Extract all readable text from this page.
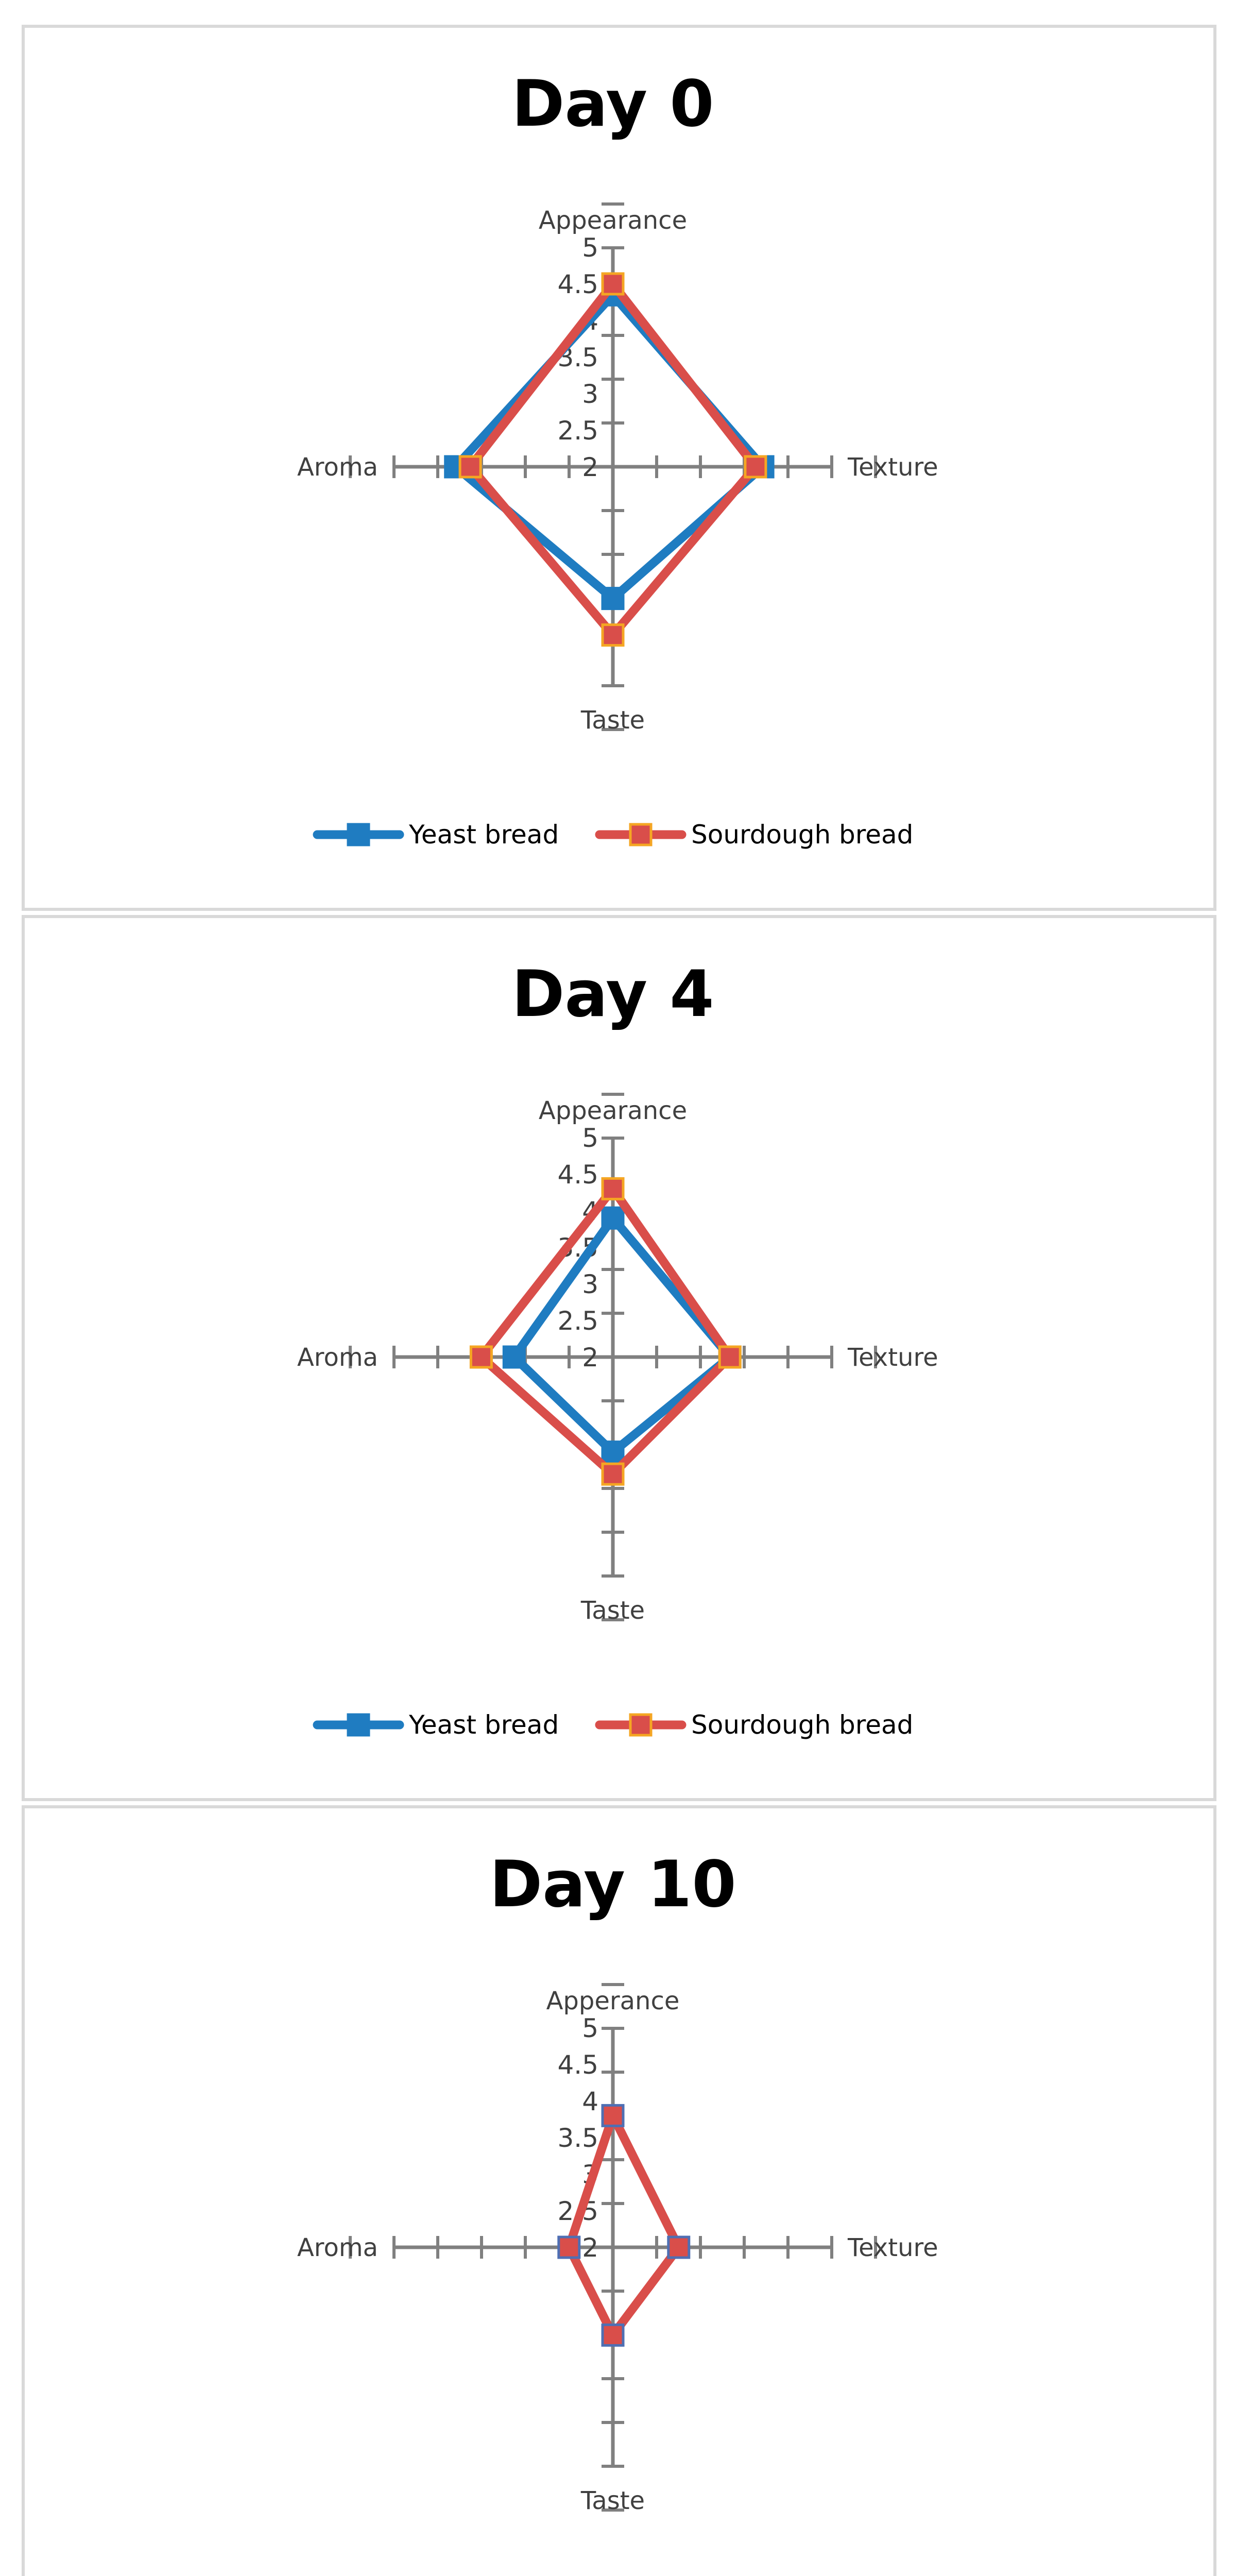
Day 0
2
2.5
3
3.5
4
4.5
5
Appearance
Texture
Taste
Aroma
Yeast bread	Sourdough bread
Day 4
2
2.5
3
3.5
4
4.5
5
Appearance
Texture
Taste
Aroma
Yeast bread	Sourdough bread
Day 10
2
2.5
3
3.5
4
4.5
5
Apperance
Texture
Taste
Aroma
